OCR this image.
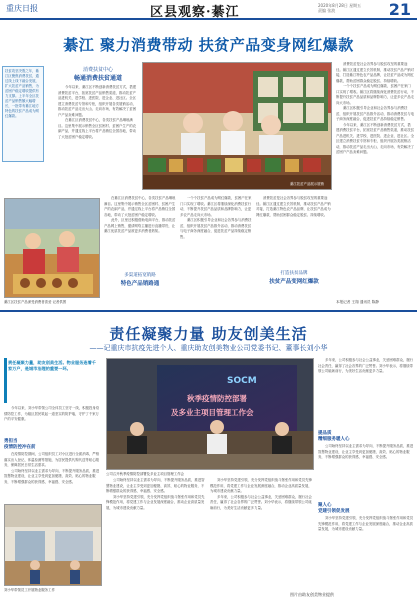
重庆日报	区县观察·綦江	2020年8月28日 星期五
责编 张波	21
綦江 聚力消费带动 扶贫产品变身网红爆款
扶贫攻坚决胜之年，綦江区聚焦消费扶贫，通过线上线下融合发展，扩大扶贫产品销售，为贫困户稳定增收提供有力支撑。上半年全区扶贫产品销售额大幅增长，一批带有綦江地方特色的扶贫产品成为网红爆款。
消费扶贫中心
畅通消费扶贫通道

今年以来，綦江区不断创新消费扶贫方式，搭建消费扶贫平台，拓宽扶贫产品销售渠道，推动扶贫产品进机关、进学校、进医院、进企业、进社区。全区建立消费扶贫专馆和专柜，组织开展各类展销活动，推动扶贫产品走出大山、走向市场，有效解决了贫困户产品卖难问题。

在綦江区消费扶贫中心，各类扶贫产品琳琅满目。这里集中展示销售全区贫困村、贫困户生产的农副产品，并通过线上平台将产品销往全国各地，带动了大批贫困户稳定增收。

綦江扶贫产品展示展销

消费扶贫是社会各界参与脱贫攻坚的重要途径。綦江区通过建立长效机制，推动扶贫产品产销对接，打造綦江特色农产品品牌，让扶贫产品成为网红爆款，帮助贫困群众稳定脱贫、持续增收。

一个个扶贫产品成为网红爆款，贫困户在家门口实现了增收。綦江区将继续深化消费扶贫行动，不断提升扶贫产品品质和品牌影响力，让更多农产品走向大市场。

綦江区积极引导企业和社会各界参与消费扶贫，组织开展扶贫产品推介活动，推动消费扶贫与电子商务深度融合，促进扶贫产品持续稳定销售。

今年以来，綦江区不断创新消费扶贫方式，搭建消费扶贫平台，拓宽扶贫产品销售渠道，推动扶贫产品进机关、进学校、进医院、进企业、进社区。全区建立消费扶贫专馆和专柜，组织开展各类展销活动，推动扶贫产品走出大山、走向市场，有效解决了贫困户产品卖难问题。

綦江区扶贫产品深受消费者喜爱 记者供图

在綦江区消费扶贫中心，各类扶贫产品琳琅满目。这里集中展示销售全区贫困村、贫困户生产的农副产品，并通过线上平台将产品销往全国各地，带动了大批贫困户稳定增收。

此外，区里还积极借助电商平台，推动扶贫产品网上销售，邀请网络主播进行直播带货，让綦江优质扶贫产品被更多消费者熟知。

多渠道拓宽销路
特色产品销路通

一个个扶贫产品成为网红爆款，贫困户在家门口实现了增收。綦江区将继续深化消费扶贫行动，不断提升扶贫产品品质和品牌影响力，让更多农产品走向大市场。

綦江区积极引导企业和社会各界参与消费扶贫，组织开展扶贫产品推介活动，推动消费扶贫与电子商务深度融合，促进扶贫产品持续稳定销售。

消费扶贫是社会各界参与脱贫攻坚的重要途径。綦江区通过建立长效机制，推动扶贫产品产销对接，打造綦江特色农产品品牌，让扶贫产品成为网红爆款，帮助贫困群众稳定脱贫、持续增收。

打造扶贫品牌
扶贫产品变网红爆款
本报记者 王翔 通讯员 陈静
责任凝聚力量 助友创美生活
——记重庆市抗疫先进个人、重庆助友创美物业公司党委书记、董事长刘小华
责任凝聚力量，助友创美生活。物业服务连着千家万户，是城市治理的重要一环。

今年以来，刘小华带领公司全体员工坚守一线，积极投身疫情防控工作，为辖区居民筑起一道坚实的防护墙，守护了千家万户的平安健康。

勇担当
疫情防控冲在前

在疫情防控期间，公司组织员工对小区进行全面消毒，严格落实出入登记、体温检测等措施，为居民提供代购代送等贴心服务，保障居民日常生活需求。

公司始终坚持以业主需求为导向，不断提升服务品质，推进智慧物业建设，让业主享受到更加便捷、高效、贴心的物业服务，不断增强群众的获得感、幸福感、安全感。

SOCM
秋季疫情防控部署
及多业主项目管理工作会
公司召开秋季疫情防控部署及多业主项目管理工作会

公司始终坚持以业主需求为导向，不断提升服务品质，推进智慧物业建设，让业主享受到更加便捷、高效、贴心的物业服务，不断增强群众的获得感、幸福感、安全感。

刘小华坚持党建引领，充分发挥党组织战斗堡垒作用和党员先锋模范作用，将党建工作与企业发展深度融合，推动企业高质量发展，为城市建设贡献力量。

刘小华坚持党建引领，充分发挥党组织战斗堡垒作用和党员先锋模范作用，将党建工作与企业发展深度融合，推动企业高质量发展，为城市建设贡献力量。

多年来，公司积极参与社会公益事业，关爱困难群众，履行社会责任，赢得了社会各界的广泛赞誉。刘小华表示，将继续带领公司砥砺前行，为美好生活贡献更多力量。

多年来，公司积极参与社会公益事业，关爱困难群众，履行社会责任，赢得了社会各界的广泛赞誉。刘小华表示，将继续带领公司砥砺前行，为美好生活贡献更多力量。

提品质
精细服务暖人心

公司始终坚持以业主需求为导向，不断提升服务品质，推进智慧物业建设，让业主享受到更加便捷、高效、贴心的物业服务，不断增强群众的获得感、幸福感、安全感。

聚人心
党建引领促发展

刘小华坚持党建引领，充分发挥党组织战斗堡垒作用和党员先锋模范作用，将党建工作与企业发展深度融合，推动企业高质量发展，为城市建设贡献力量。

刘小华带领员工开展物业服务工作
图片由助友创美物业提供
